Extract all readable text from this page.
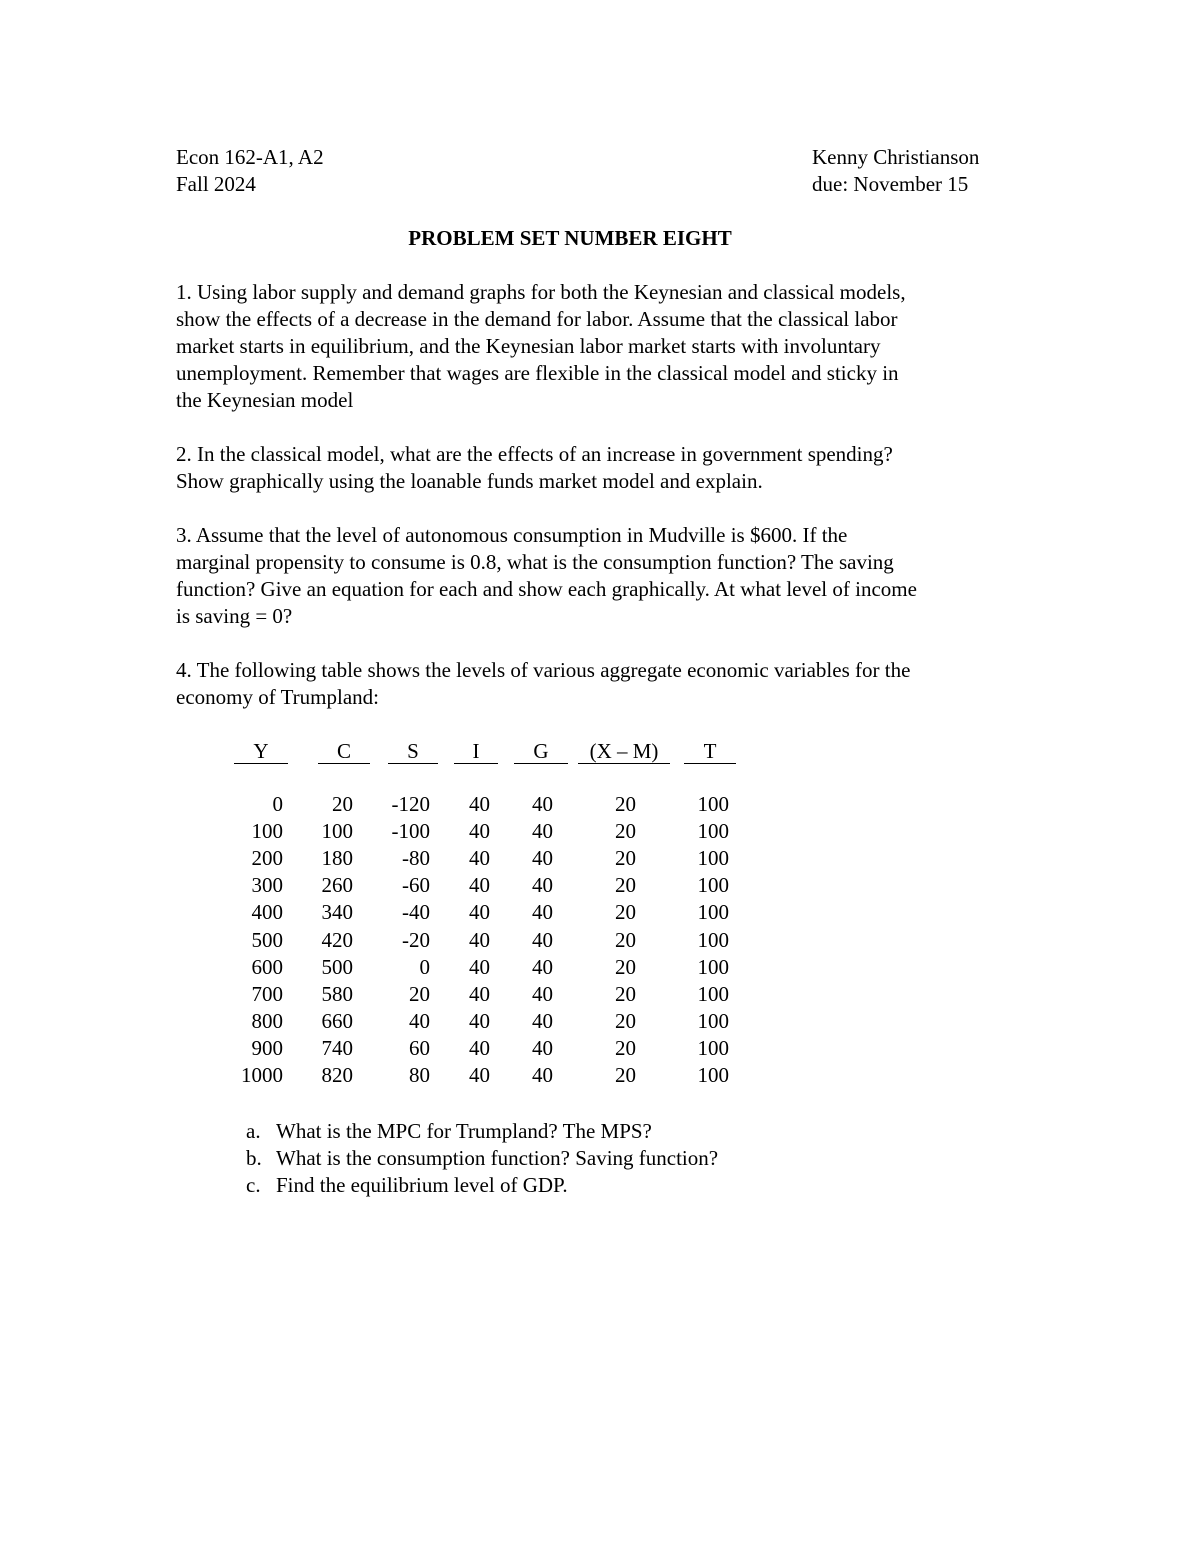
Econ 162-A1, A2
Fall 2024
Kenny Christianson
due: November 15
PROBLEM SET NUMBER EIGHT
1. Using labor supply and demand graphs for both the Keynesian and classical models,
show the effects of a decrease in the demand for labor. Assume that the classical labor
market starts in equilibrium, and the Keynesian labor market starts with involuntary
unemployment. Remember that wages are flexible in the classical model and sticky in
the Keynesian model
2. In the classical model, what are the effects of an increase in government spending?
Show graphically using the loanable funds market model and explain.
3. Assume that the level of autonomous consumption in Mudville is $600. If the
marginal propensity to consume is 0.8, what is the consumption function? The saving
function? Give an equation for each and show each graphically. At what level of income
is saving = 0?
4. The following table shows the levels of various aggregate economic variables for the
economy of Trumpland:
Y	C	S	I	G	(X – M)	T
0	20	-120	40	40	20	100
100	100	-100	40	40	20	100
200	180	-80	40	40	20	100
300	260	-60	40	40	20	100
400	340	-40	40	40	20	100
500	420	-20	40	40	20	100
600	500	0	40	40	20	100
700	580	20	40	40	20	100
800	660	40	40	40	20	100
900	740	60	40	40	20	100
1000	820	80	40	40	20	100
a. What is the MPC for Trumpland? The MPS?
b. What is the consumption function? Saving function?
c. Find the equilibrium level of GDP.
